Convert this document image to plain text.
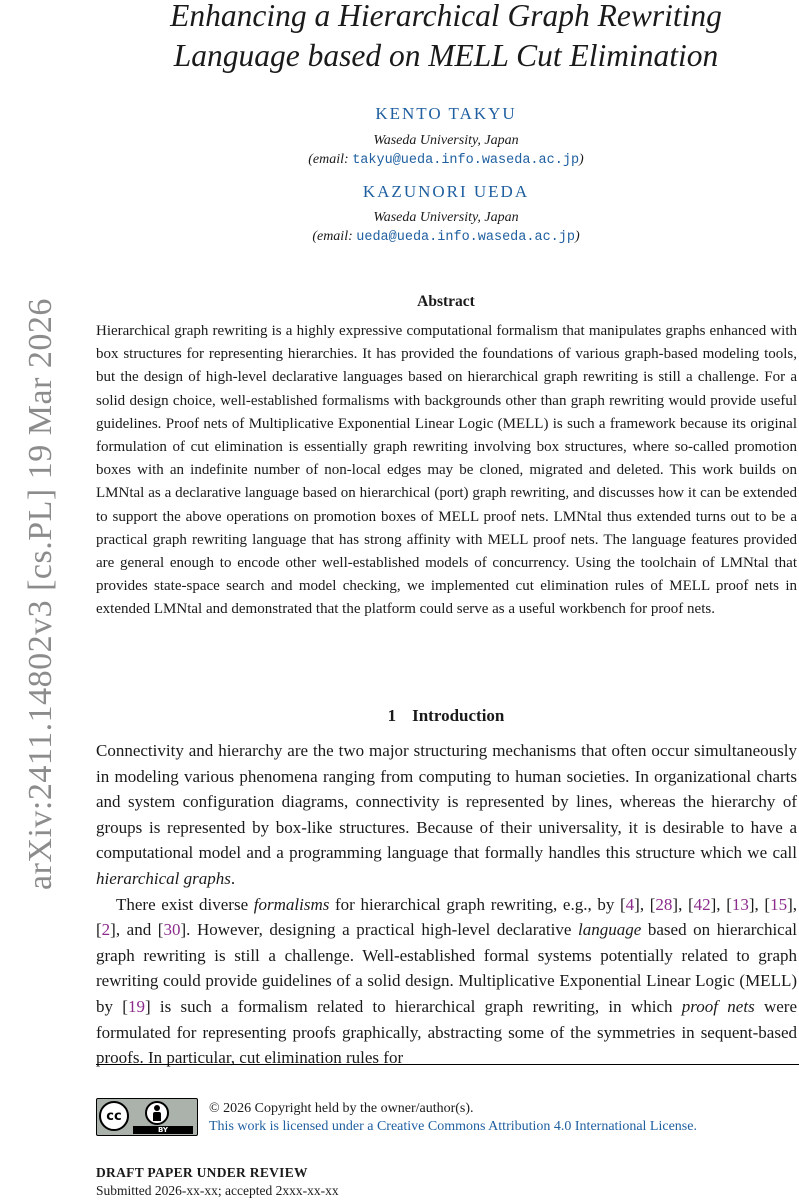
arXiv:2411.14802v3 [cs.PL] 19 Mar 2026
Enhancing a Hierarchical Graph Rewriting
Language based on MELL Cut Elimination
KENTO TAKYU
Waseda University, Japan
(email: takyu@ueda.info.waseda.ac.jp)
KAZUNORI UEDA
Waseda University, Japan
(email: ueda@ueda.info.waseda.ac.jp)
Abstract
Hierarchical graph rewriting is a highly expressive computational formalism that manipulates graphs enhanced with box structures for representing hierarchies. It has provided the foundations of various graph-based modeling tools, but the design of high-level declarative languages based on hierarchical graph rewriting is still a challenge. For a solid design choice, well-established formalisms with backgrounds other than graph rewriting would provide useful guidelines. Proof nets of Multiplicative Exponential Linear Logic (MELL) is such a framework because its original formulation of cut elimination is essentially graph rewriting involving box structures, where so-called promotion boxes with an indefinite number of non-local edges may be cloned, migrated and deleted. This work builds on LMNtal as a declarative language based on hierarchical (port) graph rewriting, and discusses how it can be extended to support the above operations on promotion boxes of MELL proof nets. LMNtal thus extended turns out to be a practical graph rewriting language that has strong affinity with MELL proof nets. The language features provided are general enough to encode other well-established models of concurrency. Using the toolchain of LMNtal that provides state-space search and model checking, we implemented cut elimination rules of MELL proof nets in extended LMNtal and demonstrated that the platform could serve as a useful workbench for proof nets.
1 Introduction

Connectivity and hierarchy are the two major structuring mechanisms that often occur simultaneously in modeling various phenomena ranging from computing to human societies. In organizational charts and system configuration diagrams, connectivity is represented by lines, whereas the hierarchy of groups is represented by box-like structures. Because of their universality, it is desirable to have a computational model and a programming language that formally handles this structure which we call hierarchical graphs.

There exist diverse formalisms for hierarchical graph rewriting, e.g., by [4], [28], [42], [13], [15], [2], and [30]. However, designing a practical high-level declarative language based on hierarchical graph rewriting is still a challenge. Well-established formal systems potentially related to graph rewriting could provide guidelines of a solid design. Multiplicative Exponential Linear Logic (MELL) by [19] is such a formalism related to hierarchical graph rewriting, in which proof nets were formulated for representing proofs graphically, abstracting some of the symmetries in sequent-based proofs. In particular, cut elimination rules for

cc
BY
© 2026 Copyright held by the owner/author(s).
This work is licensed under a Creative Commons Attribution 4.0 International License.
DRAFT PAPER UNDER REVIEW
Submitted 2026-xx-xx; accepted 2xxx-xx-xx
